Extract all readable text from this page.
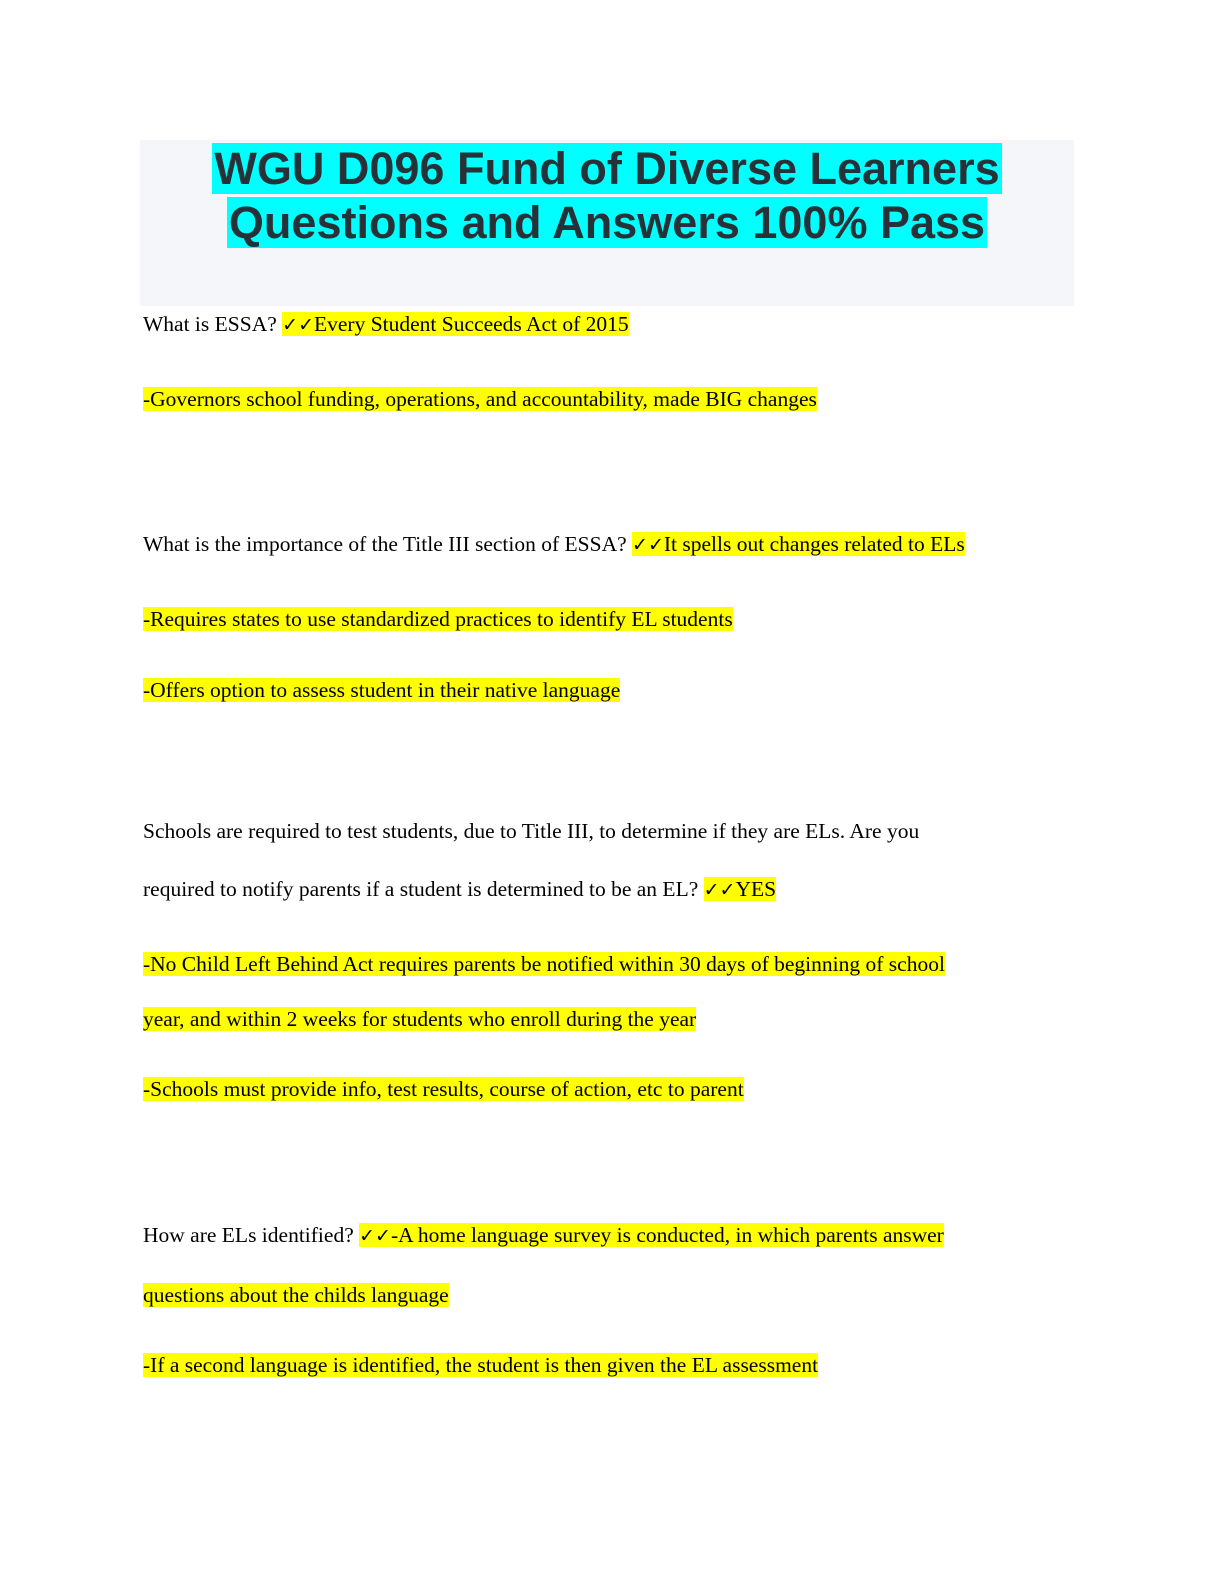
WGU D096 Fund of Diverse Learners
Questions and Answers 100% Pass
What is ESSA? ✓✓Every Student Succeeds Act of 2015
-Governors school funding, operations, and accountability, made BIG changes
What is the importance of the Title III section of ESSA? ✓✓It spells out changes related to ELs
-Requires states to use standardized practices to identify EL students
-Offers option to assess student in their native language
Schools are required to test students, due to Title III, to determine if they are ELs. Are you
required to notify parents if a student is determined to be an EL? ✓✓YES
-No Child Left Behind Act requires parents be notified within 30 days of beginning of school
year, and within 2 weeks for students who enroll during the year
-Schools must provide info, test results, course of action, etc to parent
How are ELs identified? ✓✓-A home language survey is conducted, in which parents answer
questions about the childs language
-If a second language is identified, the student is then given the EL assessment
